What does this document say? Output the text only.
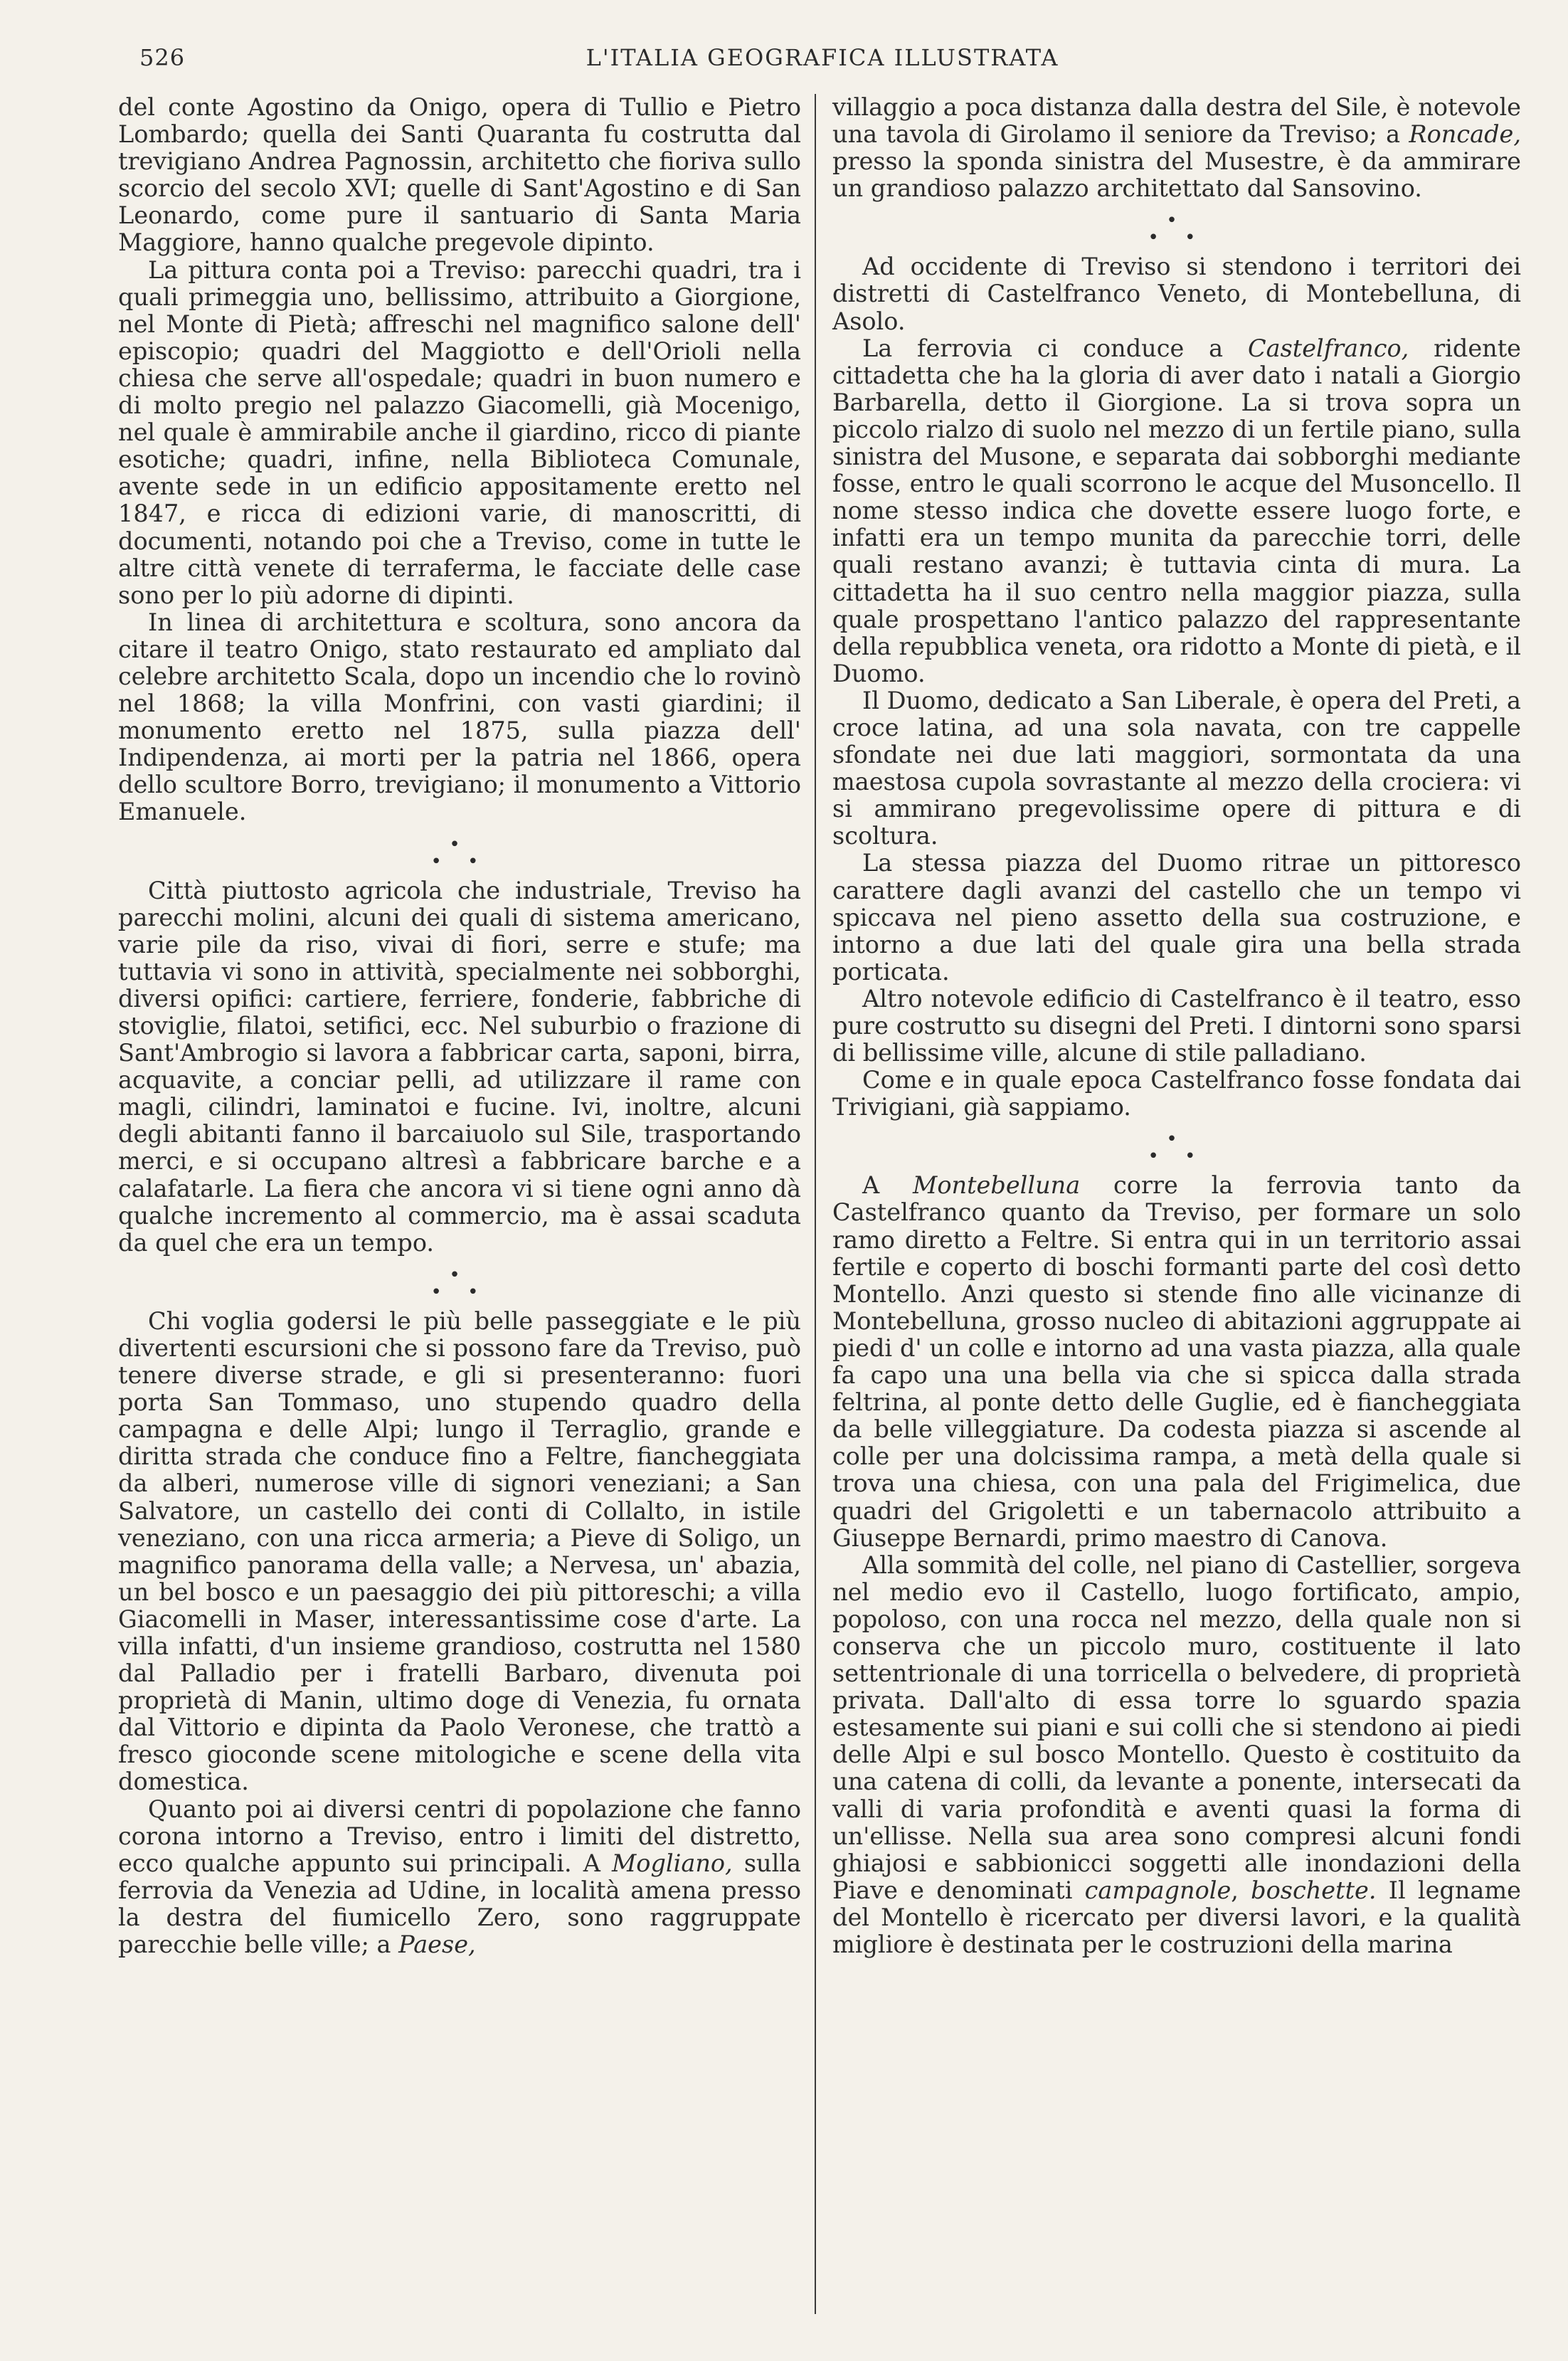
526	L'ITALIA GEOGRAFICA ILLUSTRATA

del conte Agostino da Onigo, opera di Tullio e Pietro Lombardo; quella dei Santi Quaranta fu costrutta dal trevigiano Andrea Pagnossin, architetto che fioriva sullo scorcio del secolo XVI; quelle di Sant'Agostino e di San Leonardo, come pure il santuario di Santa Maria Maggiore, hanno qualche pregevole dipinto.

La pittura conta poi a Treviso: parecchi quadri, tra i quali primeggia uno, bellissimo, attribuito a Giorgione, nel Monte di Pietà; affreschi nel magnifico salone dell' episcopio; quadri del Maggiotto e dell'Orioli nella chiesa che serve all'ospedale; quadri in buon numero e di molto pregio nel palazzo Giacomelli, già Mocenigo, nel quale è ammirabile anche il giardino, ricco di piante esotiche; quadri, infine, nella Biblioteca Comunale, avente sede in un edificio appositamente eretto nel 1847, e ricca di edizioni varie, di manoscritti, di documenti, notando poi che a Treviso, come in tutte le altre città venete di terraferma, le facciate delle case sono per lo più adorne di dipinti.

In linea di architettura e scoltura, sono ancora da citare il teatro Onigo, stato restaurato ed ampliato dal celebre architetto Scala, dopo un incendio che lo rovinò nel 1868; la villa Monfrini, con vasti giardini; il monumento eretto nel 1875, sulla piazza dell' Indipendenza, ai morti per la patria nel 1866, opera dello scultore Borro, trevigiano; il monumento a Vittorio Emanuele.

•
• •

Città piuttosto agricola che industriale, Treviso ha parecchi molini, alcuni dei quali di sistema americano, varie pile da riso, vivai di fiori, serre e stufe; ma tuttavia vi sono in attività, specialmente nei sobborghi, diversi opifici: cartiere, ferriere, fonderie, fabbriche di stoviglie, filatoi, setifici, ecc. Nel suburbio o frazione di Sant'Ambrogio si lavora a fabbricar carta, saponi, birra, acquavite, a conciar pelli, ad utilizzare il rame con magli, cilindri, laminatoi e fucine. Ivi, inoltre, alcuni degli abitanti fanno il barcaiuolo sul Sile, trasportando merci, e si occupano altresì a fabbricare barche e a calafatarle. La fiera che ancora vi si tiene ogni anno dà qualche incremento al commercio, ma è assai scaduta da quel che era un tempo.

•
• •

Chi voglia godersi le più belle passeggiate e le più divertenti escursioni che si possono fare da Treviso, può tenere diverse strade, e gli si presenteranno: fuori porta San Tommaso, uno stupendo quadro della campagna e delle Alpi; lungo il Terraglio, grande e diritta strada che conduce fino a Feltre, fiancheggiata da alberi, numerose ville di signori veneziani; a San Salvatore, un castello dei conti di Collalto, in istile veneziano, con una ricca armeria; a Pieve di Soligo, un magnifico panorama della valle; a Nervesa, un' abazia, un bel bosco e un paesaggio dei più pittoreschi; a villa Giacomelli in Maser, interessantissime cose d'arte. La villa infatti, d'un insieme grandioso, costrutta nel 1580 dal Palladio per i fratelli Barbaro, divenuta poi proprietà di Manin, ultimo doge di Venezia, fu ornata dal Vittorio e dipinta da Paolo Veronese, che trattò a fresco gioconde scene mitologiche e scene della vita domestica.

Quanto poi ai diversi centri di popolazione che fanno corona intorno a Treviso, entro i limiti del distretto, ecco qualche appunto sui principali. A Mogliano, sulla ferrovia da Venezia ad Udine, in località amena presso la destra del fiumicello Zero, sono raggruppate parecchie belle ville; a Paese,

villaggio a poca distanza dalla destra del Sile, è notevole una tavola di Girolamo il seniore da Treviso; a Roncade, presso la sponda sinistra del Musestre, è da ammirare un grandioso palazzo architettato dal Sansovino.

•
• •

Ad occidente di Treviso si stendono i territori dei distretti di Castelfranco Veneto, di Montebelluna, di Asolo.

La ferrovia ci conduce a Castelfranco, ridente cittadetta che ha la gloria di aver dato i natali a Giorgio Barbarella, detto il Giorgione. La si trova sopra un piccolo rialzo di suolo nel mezzo di un fertile piano, sulla sinistra del Musone, e separata dai sobborghi mediante fosse, entro le quali scorrono le acque del Musoncello. Il nome stesso indica che dovette essere luogo forte, e infatti era un tempo munita da parecchie torri, delle quali restano avanzi; è tuttavia cinta di mura. La cittadetta ha il suo centro nella maggior piazza, sulla quale prospettano l'antico palazzo del rappresentante della repubblica veneta, ora ridotto a Monte di pietà, e il Duomo.

Il Duomo, dedicato a San Liberale, è opera del Preti, a croce latina, ad una sola navata, con tre cappelle sfondate nei due lati maggiori, sormontata da una maestosa cupola sovrastante al mezzo della crociera: vi si ammirano pregevolissime opere di pittura e di scoltura.

La stessa piazza del Duomo ritrae un pittoresco carattere dagli avanzi del castello che un tempo vi spiccava nel pieno assetto della sua costruzione, e intorno a due lati del quale gira una bella strada porticata.

Altro notevole edificio di Castelfranco è il teatro, esso pure costrutto su disegni del Preti. I dintorni sono sparsi di bellissime ville, alcune di stile palladiano.

Come e in quale epoca Castelfranco fosse fondata dai Trivigiani, già sappiamo.

•
• •

A Montebelluna corre la ferrovia tanto da Castelfranco quanto da Treviso, per formare un solo ramo diretto a Feltre. Si entra qui in un territorio assai fertile e coperto di boschi formanti parte del così detto Montello. Anzi questo si stende fino alle vicinanze di Montebelluna, grosso nucleo di abitazioni aggruppate ai piedi d' un colle e intorno ad una vasta piazza, alla quale fa capo una una bella via che si spicca dalla strada feltrina, al ponte detto delle Guglie, ed è fiancheggiata da belle villeggiature. Da codesta piazza si ascende al colle per una dolcissima rampa, a metà della quale si trova una chiesa, con una pala del Frigimelica, due quadri del Grigoletti e un tabernacolo attribuito a Giuseppe Bernardi, primo maestro di Canova.

Alla sommità del colle, nel piano di Castellier, sorgeva nel medio evo il Castello, luogo fortificato, ampio, popoloso, con una rocca nel mezzo, della quale non si conserva che un piccolo muro, costituente il lato settentrionale di una torricella o belvedere, di proprietà privata. Dall'alto di essa torre lo sguardo spazia estesamente sui piani e sui colli che si stendono ai piedi delle Alpi e sul bosco Montello. Questo è costituito da una catena di colli, da levante a ponente, intersecati da valli di varia profondità e aventi quasi la forma di un'ellisse. Nella sua area sono compresi alcuni fondi ghiajosi e sabbionicci soggetti alle inondazioni della Piave e denominati campagnole, boschette. Il legname del Montello è ricercato per diversi lavori, e la qualità migliore è destinata per le costruzioni della marina
